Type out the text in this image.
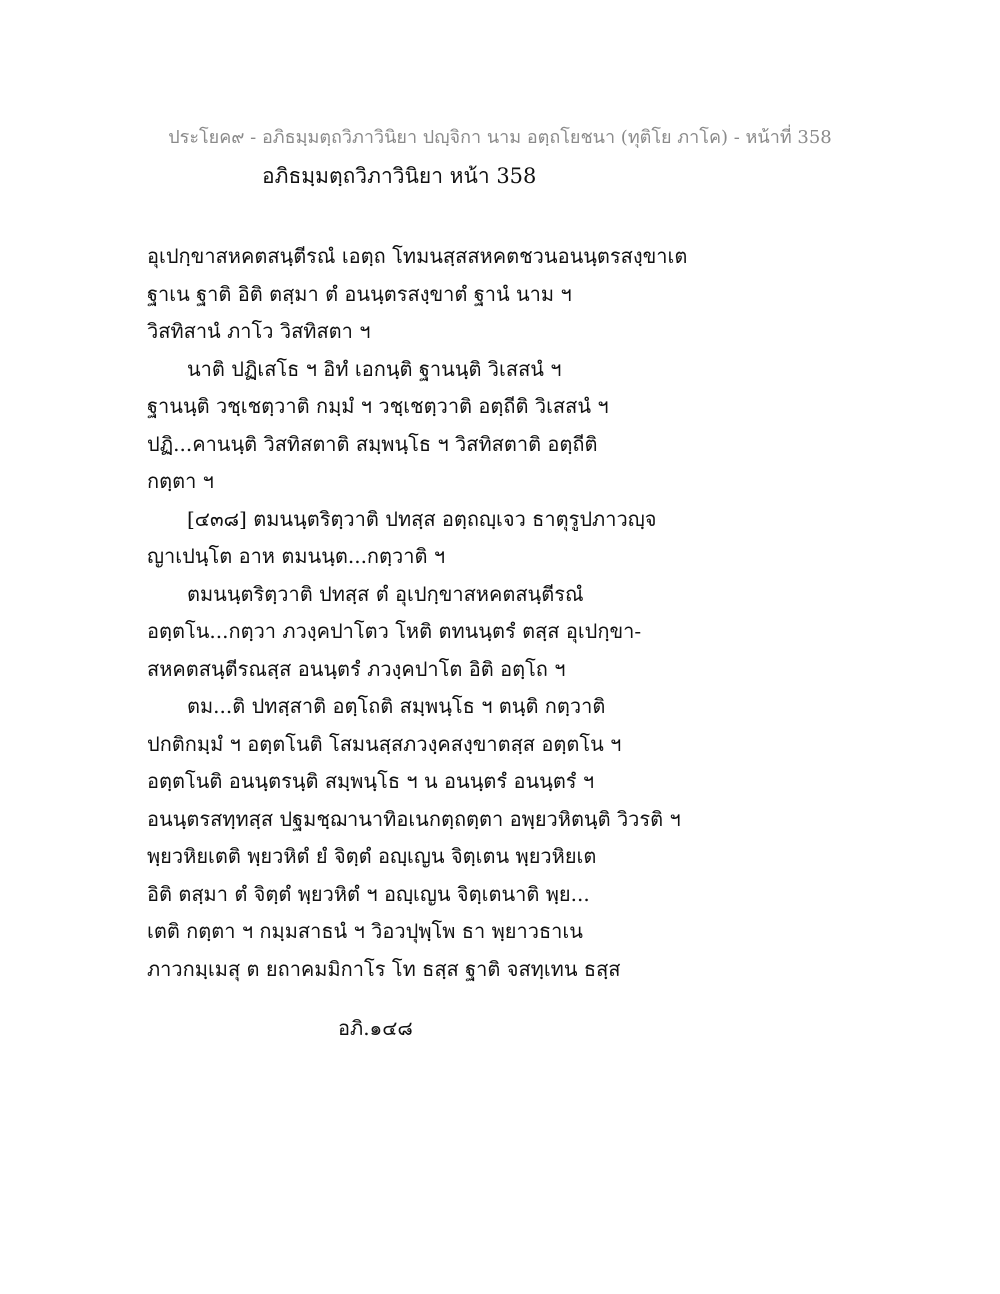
ประโยค๙ - อภิธมฺมตฺถวิภาวินิยา ปญฺจิกา นาม อตฺถโยชนา (ทุติโย ภาโค) - หน้าที่ 358
อภิธมฺมตฺถวิภาวินิยา หน้า 358
อุเปกฺขาสหคตสนฺตีรณํ เอตฺถ โทมนสฺสสหคตชวนอนนฺตรสงฺขาเต
ฐาเน ฐาติ อิติ ตสฺมา ตํ อนนฺตรสงฺขาตํ ฐานํ นาม ฯ
วิสทิสานํ ภาโว วิสทิสตา ฯ
นาติ ปฏิเสโธ ฯ อิทํ เอกนฺติ ฐานนฺติ วิเสสนํ ฯ
ฐานนฺติ วชฺเชตฺวาติ กมฺมํ ฯ วชฺเชตฺวาติ อตฺถีติ วิเสสนํ ฯ
ปฏิ...คานนฺติ วิสทิสตาติ สมฺพนฺโธ ฯ วิสทิสตาติ อตฺถีติ
กตฺตา ฯ
[๔๓๘] ตมนนฺตริตฺวาติ ปทสฺส อตฺถญฺเจว ธาตุรูปภาวญฺจ
ญาเปนฺโต อาห ตมนนฺต...กตฺวาติ ฯ
ตมนนฺตริตฺวาติ ปทสฺส ตํ อุเปกฺขาสหคตสนฺตีรณํ
อตฺตโน...กตฺวา ภวงฺคปาโตว โหติ ตทนนฺตรํ ตสฺส อุเปกฺขา-
สหคตสนฺตีรณสฺส อนนฺตรํ ภวงฺคปาโต อิติ อตฺโถ ฯ
ตม...ติ ปทสฺสาติ อตฺโถติ สมฺพนฺโธ ฯ ตนฺติ กตฺวาติ
ปกติกมฺมํ ฯ อตฺตโนติ โสมนสฺสภวงฺคสงฺขาตสฺส อตฺตโน ฯ
อตฺตโนติ อนนฺตรนฺติ สมฺพนฺโธ ฯ น อนนฺตรํ อนนฺตรํ ฯ
อนนฺตรสทฺทสฺส ปฐมชฺฌานาทิอเนกตฺถตฺตา อพฺยวหิตนฺติ วิวรติ ฯ
พฺยวหิยเตติ พฺยวหิตํ ยํ จิตฺตํ อญฺเญน จิตฺเตน พฺยวหิยเต
อิติ ตสฺมา ตํ จิตฺตํ พฺยวหิตํ ฯ อญฺเญน จิตฺเตนาติ พฺย...
เตติ กตฺตา ฯ กมฺมสาธนํ ฯ วิอวปุพฺโพ ธา พฺยาวธาเน
ภาวกมฺเมสุ ต ยถาคมมิกาโร โท ธสฺส ฐาติ จสทฺเทน ธสฺส
อภิ.๑๔๘
